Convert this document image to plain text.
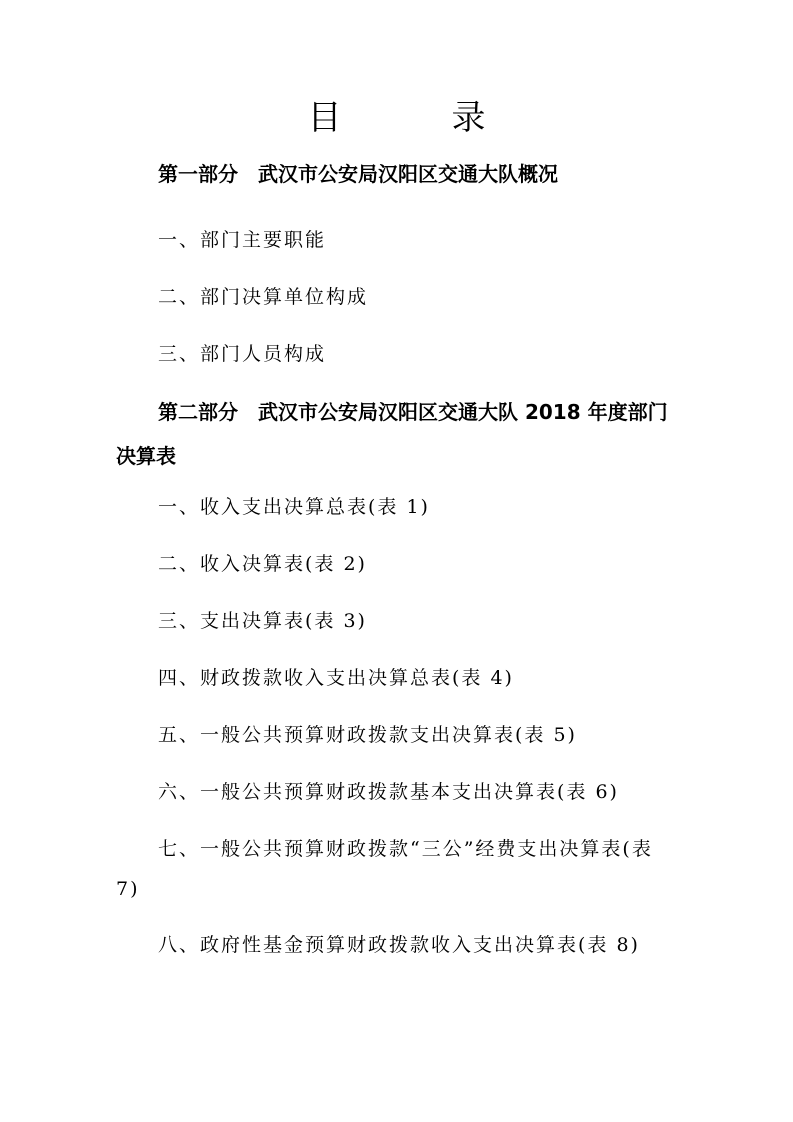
目　录

第一部分　武汉市公安局汉阳区交通大队概况

一、部门主要职能

二、部门决算单位构成

三、部门人员构成

第二部分　武汉市公安局汉阳区交通大队 2018 年度部门决算表

一、收入支出决算总表(表 1)

二、收入决算表(表 2)

三、支出决算表(表 3)

四、财政拨款收入支出决算总表(表 4)

五、一般公共预算财政拨款支出决算表(表 5)

六、一般公共预算财政拨款基本支出决算表(表 6)

七、一般公共预算财政拨款“三公”经费支出决算表(表 7)

八、政府性基金预算财政拨款收入支出决算表(表 8)
